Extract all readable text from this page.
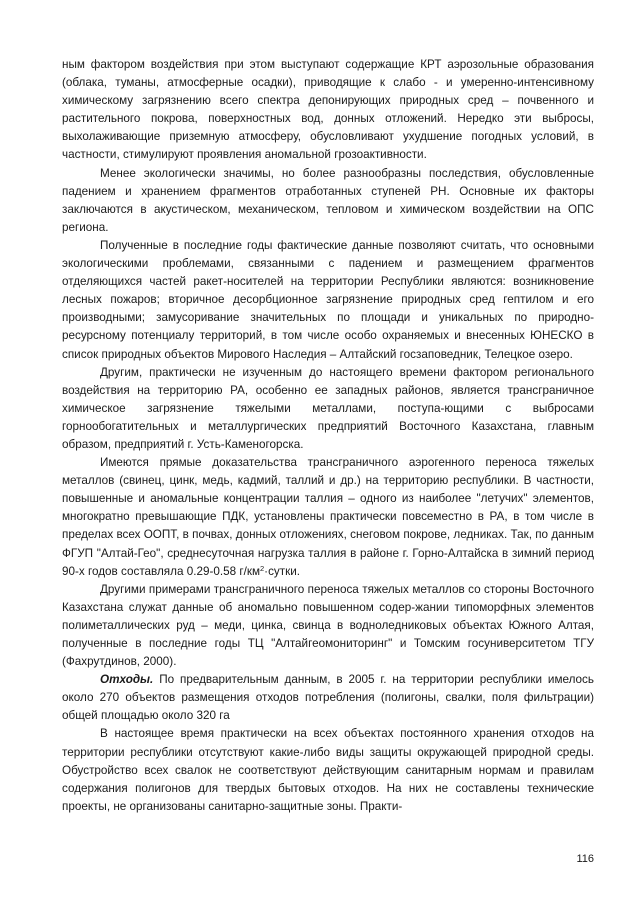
ным фактором воздействия при этом выступают содержащие КРТ аэрозольные образования (облака, туманы, атмосферные осадки), приводящие к слабо - и умеренно-интенсивному химическому загрязнению всего спектра депонирующих природных сред – почвенного и растительного покрова, поверхностных вод, донных отложений. Нередко эти выбросы, выхолаживающие приземную атмосферу, обусловливают ухудшение погодных условий, в частности, стимулируют проявления аномальной грозоактивности.

Менее экологически значимы, но более разнообразны последствия, обусловленные падением и хранением фрагментов отработанных ступеней РН. Основные их факторы заключаются в акустическом, механическом, тепловом и химическом воздействии на ОПС региона.

Полученные в последние годы фактические данные позволяют считать, что основными экологическими проблемами, связанными с падением и размещением фрагментов отделяющихся частей ракет-носителей на территории Республики являются: возникновение лесных пожаров; вторичное десорбционное загрязнение природных сред гептилом и его производными; замусоривание значительных по площади и уникальных по природно-ресурсному потенциалу территорий, в том числе особо охраняемых и внесенных ЮНЕСКО в список природных объектов Мирового Наследия – Алтайский госзаповедник, Телецкое озеро.

Другим, практически не изученным до настоящего времени фактором регионального воздействия на территорию РА, особенно ее западных районов, является трансграничное химическое загрязнение тяжелыми металлами, поступа-ющими с выбросами горнообогатительных и металлургических предприятий Восточного Казахстана, главным образом, предприятий г. Усть-Каменогорска.

Имеются прямые доказательства трансграничного аэрогенного переноса тяжелых металлов (свинец, цинк, медь, кадмий, таллий и др.) на территорию республики. В частности, повышенные и аномальные концентрации таллия – одного из наиболее "летучих" элементов, многократно превышающие ПДК, установлены практически повсеместно в РА, в том числе в пределах всех ООПТ, в почвах, донных отложениях, снеговом покрове, ледниках. Так, по данным ФГУП "Алтай-Гео", среднесуточная нагрузка таллия в районе г. Горно-Алтайска в зимний период 90-х годов составляла 0.29-0.58 $г/км^2\cdot сутки$.

Другими примерами трансграничного переноса тяжелых металлов со стороны Восточного Казахстана служат данные об аномально повышенном содер-жании типоморфных элементов полиметаллических руд – меди, цинка, свинца в водноледниковых объектах Южного Алтая, полученные в последние годы ТЦ "Алтайгеомониторинг" и Томским госуниверситетом ТГУ (Фахрутдинов, 2000).

Отходы. По предварительным данным, в 2005 г. на территории республики имелось около 270 объектов размещения отходов потребления (полигоны, свалки, поля фильтрации) общей площадью около 320 га

В настоящее время практически на всех объектах постоянного хранения отходов на территории республики отсутствуют какие-либо виды защиты окружающей природной среды. Обустройство всех свалок не соответствуют действующим санитарным нормам и правилам содержания полигонов для твердых бытовых отходов. На них не составлены технические проекты, не организованы санитарно-защитные зоны. Практи-

116
